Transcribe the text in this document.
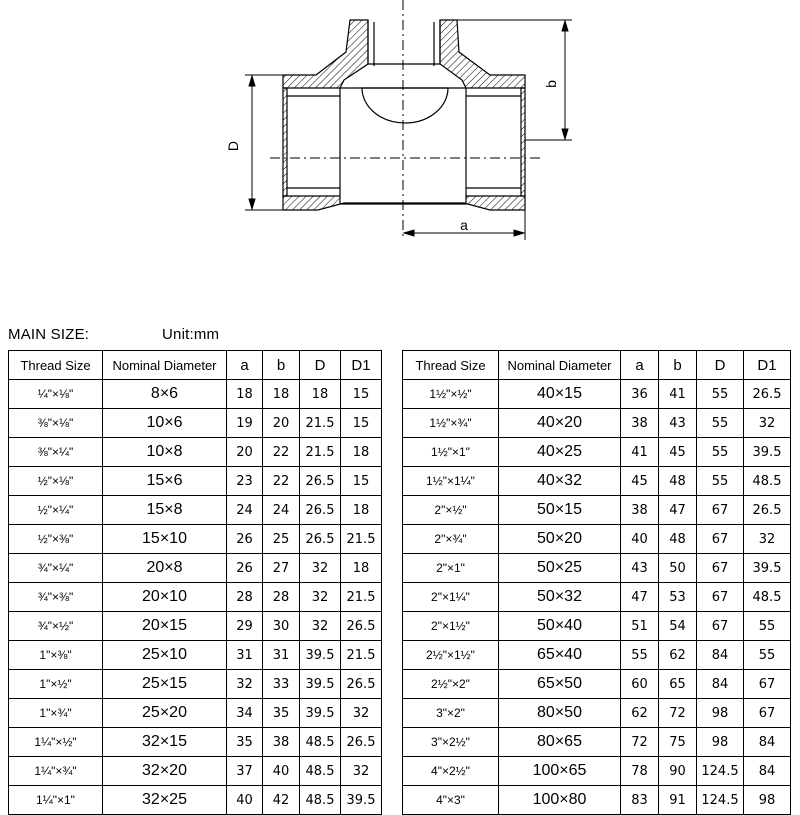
D
b
a
MAIN SIZE:	Unit:mm
Thread Size	Nominal Diameter	a	b	D	D1
¼"×⅛"	8×6	18	18	18	15
⅜"×⅛"	10×6	19	20	21.5	15
⅜"×¼"	10×8	20	22	21.5	18
½"×⅛"	15×6	23	22	26.5	15
½"×¼"	15×8	24	24	26.5	18
½"×⅜"	15×10	26	25	26.5	21.5
¾"×¼"	20×8	26	27	32	18
¾"×⅜"	20×10	28	28	32	21.5
¾"×½"	20×15	29	30	32	26.5
1"×⅜"	25×10	31	31	39.5	21.5
1"×½"	25×15	32	33	39.5	26.5
1"×¾"	25×20	34	35	39.5	32
1¼"×½"	32×15	35	38	48.5	26.5
1¼"×¾"	32×20	37	40	48.5	32
1¼"×1"	32×25	40	42	48.5	39.5
Thread Size	Nominal Diameter	a	b	D	D1
1½"×½"	40×15	36	41	55	26.5
1½"×¾"	40×20	38	43	55	32
1½"×1"	40×25	41	45	55	39.5
1½"×1¼"	40×32	45	48	55	48.5
2"×½"	50×15	38	47	67	26.5
2"×¾"	50×20	40	48	67	32
2"×1"	50×25	43	50	67	39.5
2"×1¼"	50×32	47	53	67	48.5
2"×1½"	50×40	51	54	67	55
2½"×1½"	65×40	55	62	84	55
2½"×2"	65×50	60	65	84	67
3"×2"	80×50	62	72	98	67
3"×2½"	80×65	72	75	98	84
4"×2½"	100×65	78	90	124.5	84
4"×3"	100×80	83	91	124.5	98
